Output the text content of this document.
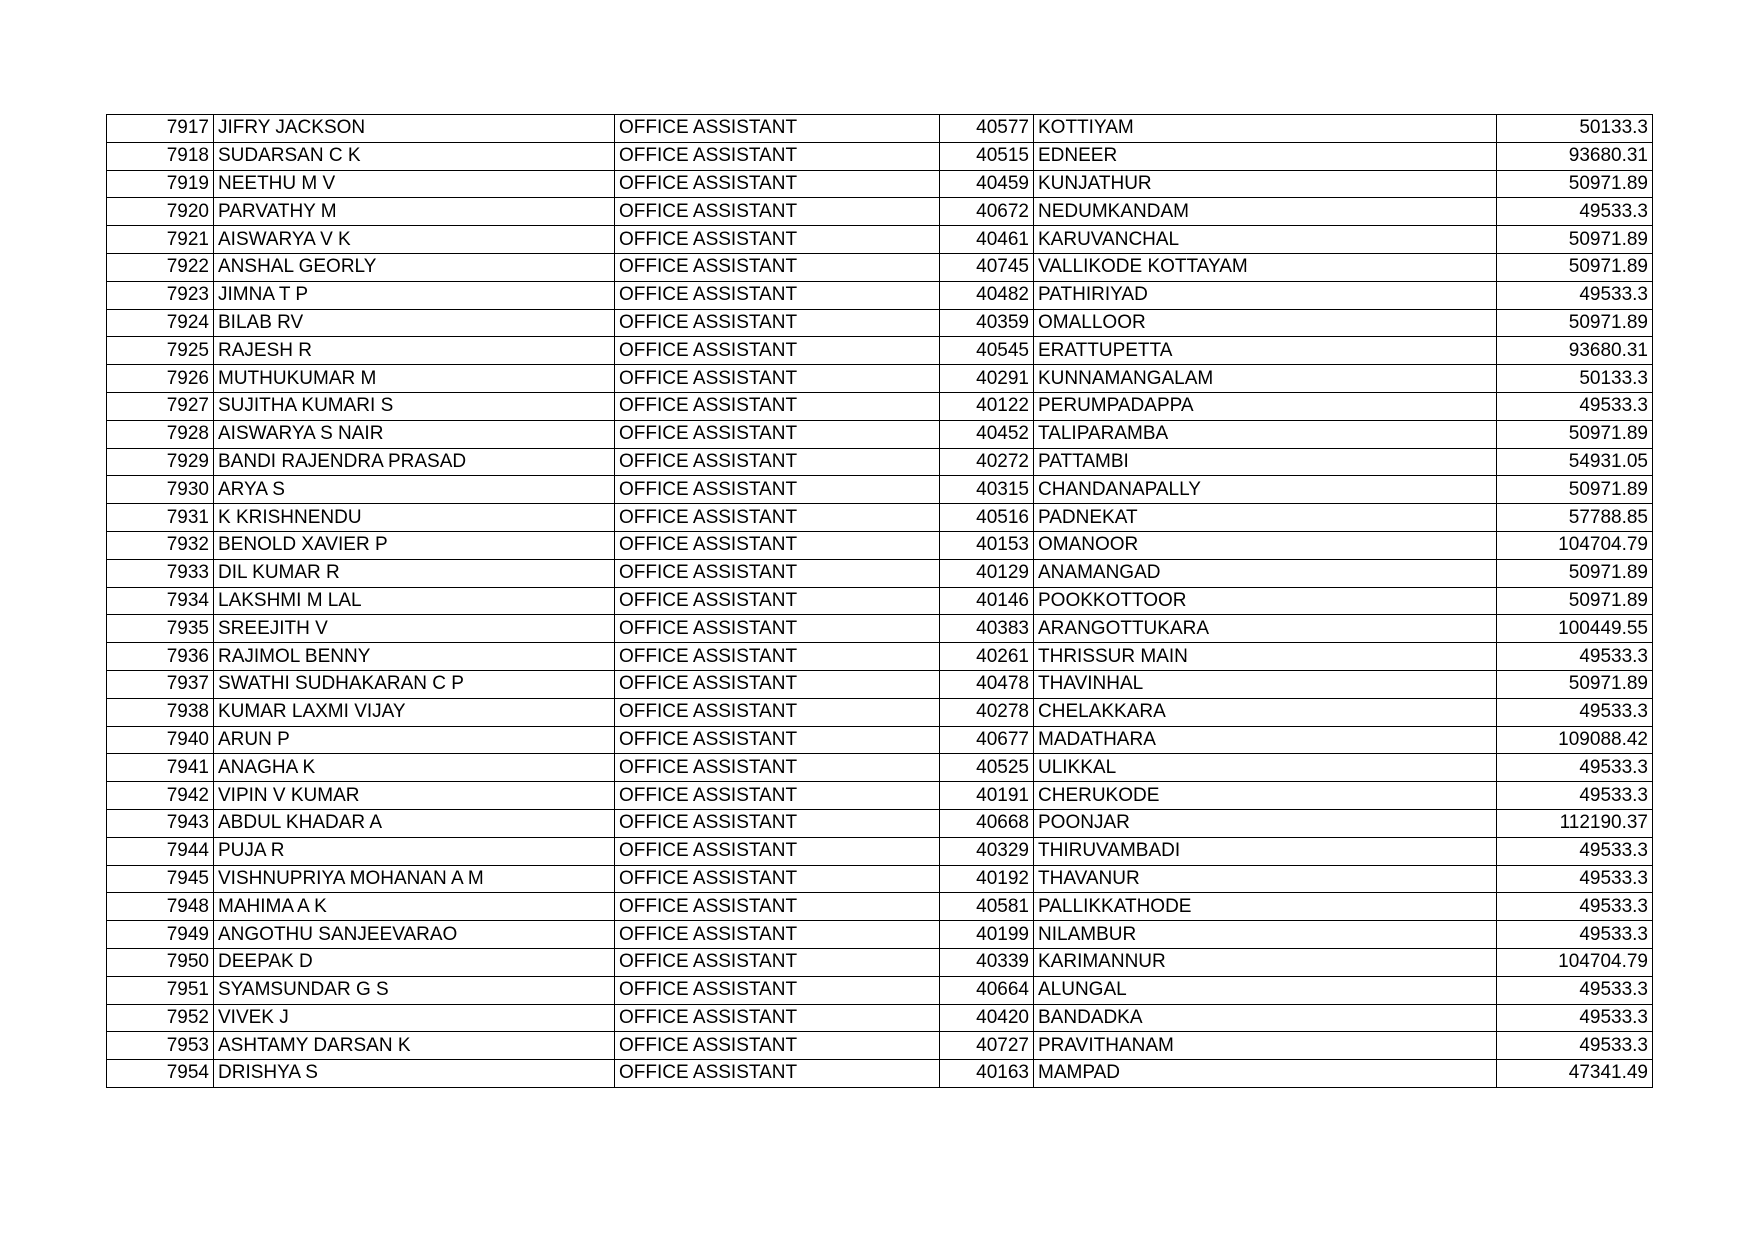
7917	JIFRY JACKSON	OFFICE ASSISTANT	40577	KOTTIYAM	50133.3
7918	SUDARSAN C K	OFFICE ASSISTANT	40515	EDNEER	93680.31
7919	NEETHU M V	OFFICE ASSISTANT	40459	KUNJATHUR	50971.89
7920	PARVATHY M	OFFICE ASSISTANT	40672	NEDUMKANDAM	49533.3
7921	AISWARYA V K	OFFICE ASSISTANT	40461	KARUVANCHAL	50971.89
7922	ANSHAL GEORLY	OFFICE ASSISTANT	40745	VALLIKODE KOTTAYAM	50971.89
7923	JIMNA T P	OFFICE ASSISTANT	40482	PATHIRIYAD	49533.3
7924	BILAB RV	OFFICE ASSISTANT	40359	OMALLOOR	50971.89
7925	RAJESH R	OFFICE ASSISTANT	40545	ERATTUPETTA	93680.31
7926	MUTHUKUMAR M	OFFICE ASSISTANT	40291	KUNNAMANGALAM	50133.3
7927	SUJITHA KUMARI S	OFFICE ASSISTANT	40122	PERUMPADAPPA	49533.3
7928	AISWARYA S NAIR	OFFICE ASSISTANT	40452	TALIPARAMBA	50971.89
7929	BANDI RAJENDRA PRASAD	OFFICE ASSISTANT	40272	PATTAMBI	54931.05
7930	ARYA S	OFFICE ASSISTANT	40315	CHANDANAPALLY	50971.89
7931	K KRISHNENDU	OFFICE ASSISTANT	40516	PADNEKAT	57788.85
7932	BENOLD XAVIER P	OFFICE ASSISTANT	40153	OMANOOR	104704.79
7933	DIL KUMAR R	OFFICE ASSISTANT	40129	ANAMANGAD	50971.89
7934	LAKSHMI M LAL	OFFICE ASSISTANT	40146	POOKKOTTOOR	50971.89
7935	SREEJITH V	OFFICE ASSISTANT	40383	ARANGOTTUKARA	100449.55
7936	RAJIMOL BENNY	OFFICE ASSISTANT	40261	THRISSUR MAIN	49533.3
7937	SWATHI SUDHAKARAN C P	OFFICE ASSISTANT	40478	THAVINHAL	50971.89
7938	KUMAR LAXMI VIJAY	OFFICE ASSISTANT	40278	CHELAKKARA	49533.3
7940	ARUN P	OFFICE ASSISTANT	40677	MADATHARA	109088.42
7941	ANAGHA K	OFFICE ASSISTANT	40525	ULIKKAL	49533.3
7942	VIPIN V KUMAR	OFFICE ASSISTANT	40191	CHERUKODE	49533.3
7943	ABDUL KHADAR A	OFFICE ASSISTANT	40668	POONJAR	112190.37
7944	PUJA R	OFFICE ASSISTANT	40329	THIRUVAMBADI	49533.3
7945	VISHNUPRIYA MOHANAN A M	OFFICE ASSISTANT	40192	THAVANUR	49533.3
7948	MAHIMA A K	OFFICE ASSISTANT	40581	PALLIKKATHODE	49533.3
7949	ANGOTHU SANJEEVARAO	OFFICE ASSISTANT	40199	NILAMBUR	49533.3
7950	DEEPAK D	OFFICE ASSISTANT	40339	KARIMANNUR	104704.79
7951	SYAMSUNDAR G S	OFFICE ASSISTANT	40664	ALUNGAL	49533.3
7952	VIVEK J	OFFICE ASSISTANT	40420	BANDADKA	49533.3
7953	ASHTAMY DARSAN K	OFFICE ASSISTANT	40727	PRAVITHANAM	49533.3
7954	DRISHYA S	OFFICE ASSISTANT	40163	MAMPAD	47341.49
